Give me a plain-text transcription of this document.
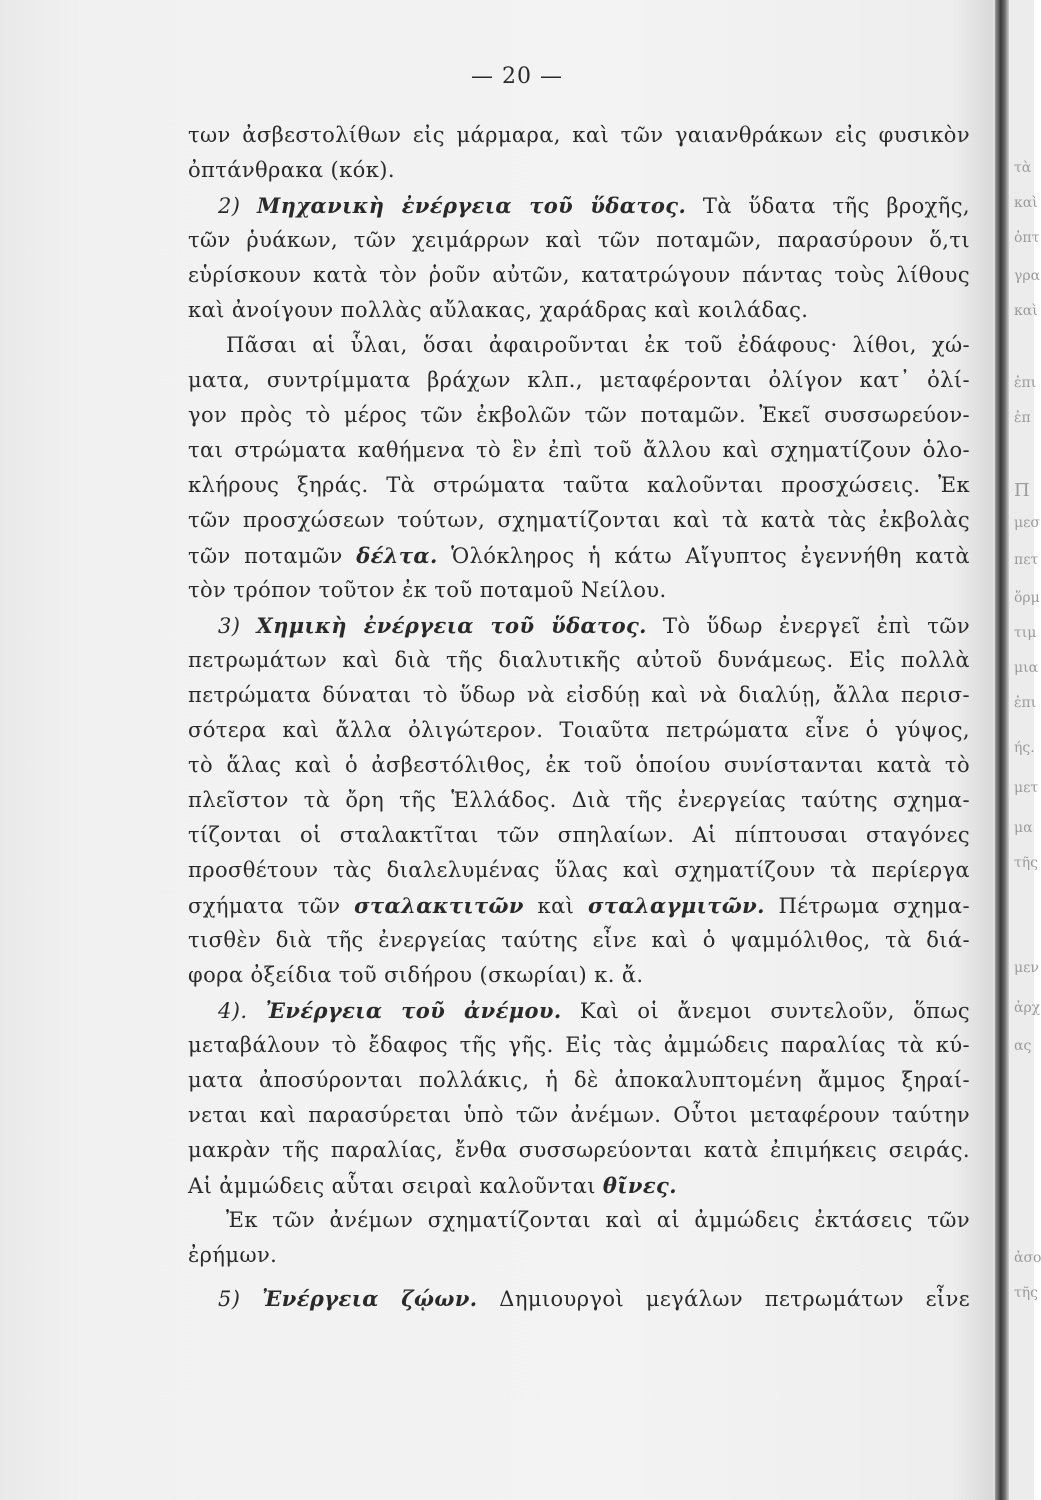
— 20 —
των ἀσβεστολίθων εἰς μάρμαρα, καὶ τῶν γαιανθράκων εἰς φυσικὸν
ὀπτάνθρακα (κόκ).
2) Μηχανικὴ ἐνέργεια τοῦ ὕδατος. Τὰ ὕδατα τῆς βροχῆς,
τῶν ῥυάκων, τῶν χειμάρρων καὶ τῶν ποταμῶν, παρασύρουν ὅ,τι
εὑρίσκουν κατὰ τὸν ῥοῦν αὐτῶν, κατατρώγουν πάντας τοὺς λίθους
καὶ ἀνοίγουν πολλὰς αὔλακας, χαράδρας καὶ κοιλάδας.
Πᾶσαι αἱ ὗλαι, ὅσαι ἀφαιροῦνται ἐκ τοῦ ἐδάφους· λίθοι, χώ-
ματα, συντρίμματα βράχων κλπ., μεταφέρονται ὀλίγον κατ᾽ ὀλί-
γον πρὸς τὸ μέρος τῶν ἐκβολῶν τῶν ποταμῶν. Ἐκεῖ συσσωρεύον-
ται στρώματα καθήμενα τὸ ἓν ἐπὶ τοῦ ἄλλου καὶ σχηματίζουν ὁλο-
κλήρους ξηράς. Τὰ στρώματα ταῦτα καλοῦνται προσχώσεις. Ἐκ
τῶν προσχώσεων τούτων, σχηματίζονται καὶ τὰ κατὰ τὰς ἐκβολὰς
τῶν ποταμῶν δέλτα. Ὁλόκληρος ἡ κάτω Αἴγυπτος ἐγεννήθη κατὰ
τὸν τρόπον τοῦτον ἐκ τοῦ ποταμοῦ Νείλου.
3) Χημικὴ ἐνέργεια τοῦ ὕδατος. Τὸ ὕδωρ ἐνεργεῖ ἐπὶ τῶν
πετρωμάτων καὶ διὰ τῆς διαλυτικῆς αὐτοῦ δυνάμεως. Εἰς πολλὰ
πετρώματα δύναται τὸ ὕδωρ νὰ εἰσδύῃ καὶ νὰ διαλύῃ, ἄλλα περισ-
σότερα καὶ ἄλλα ὀλιγώτερον. Τοιαῦτα πετρώματα εἶνε ὁ γύψος,
τὸ ἅλας καὶ ὁ ἀσβεστόλιθος, ἐκ τοῦ ὁποίου συνίστανται κατὰ τὸ
πλεῖστον τὰ ὄρη τῆς Ἑλλάδος. Διὰ τῆς ἐνεργείας ταύτης σχημα-
τίζονται οἱ σταλακτῖται τῶν σπηλαίων. Αἱ πίπτουσαι σταγόνες
προσθέτουν τὰς διαλελυμένας ὕλας καὶ σχηματίζουν τὰ περίεργα
σχήματα τῶν σταλακτιτῶν καὶ σταλαγμιτῶν. Πέτρωμα σχημα-
τισθὲν διὰ τῆς ἐνεργείας ταύτης εἶνε καὶ ὁ ψαμμόλιθος, τὰ διά-
φορα ὀξείδια τοῦ σιδήρου (σκωρίαι) κ. ἄ.
4). Ἐνέργεια τοῦ ἀνέμου. Καὶ οἱ ἄνεμοι συντελοῦν, ὅπως
μεταβάλουν τὸ ἔδαφος τῆς γῆς. Εἰς τὰς ἀμμώδεις παραλίας τὰ κύ-
ματα ἀποσύρονται πολλάκις, ἡ δὲ ἀποκαλυπτομένη ἄμμος ξηραί-
νεται καὶ παρασύρεται ὑπὸ τῶν ἀνέμων. Οὗτοι μεταφέρουν ταύτην
μακρὰν τῆς παραλίας, ἔνθα συσσωρεύονται κατὰ ἐπιμήκεις σειράς.
Αἱ ἀμμώδεις αὗται σειραὶ καλοῦνται θῖνες.
Ἐκ τῶν ἀνέμων σχηματίζονται καὶ αἱ ἀμμώδεις ἐκτάσεις τῶν
ἐρήμων.
5) Ἐνέργεια ζῴων. Δημιουργοὶ μεγάλων πετρωμάτων εἶνε
τὰ
καὶ
ὀπτ
γρα
καὶ
ἐπι
ἐπ
Π
μεσ
πετ
ὅρμ
τιμ
μια
ἐπι
ής.
μετ
μα
τῆς
μεν
ἀρχ
ας
ἀσο
τῆς
